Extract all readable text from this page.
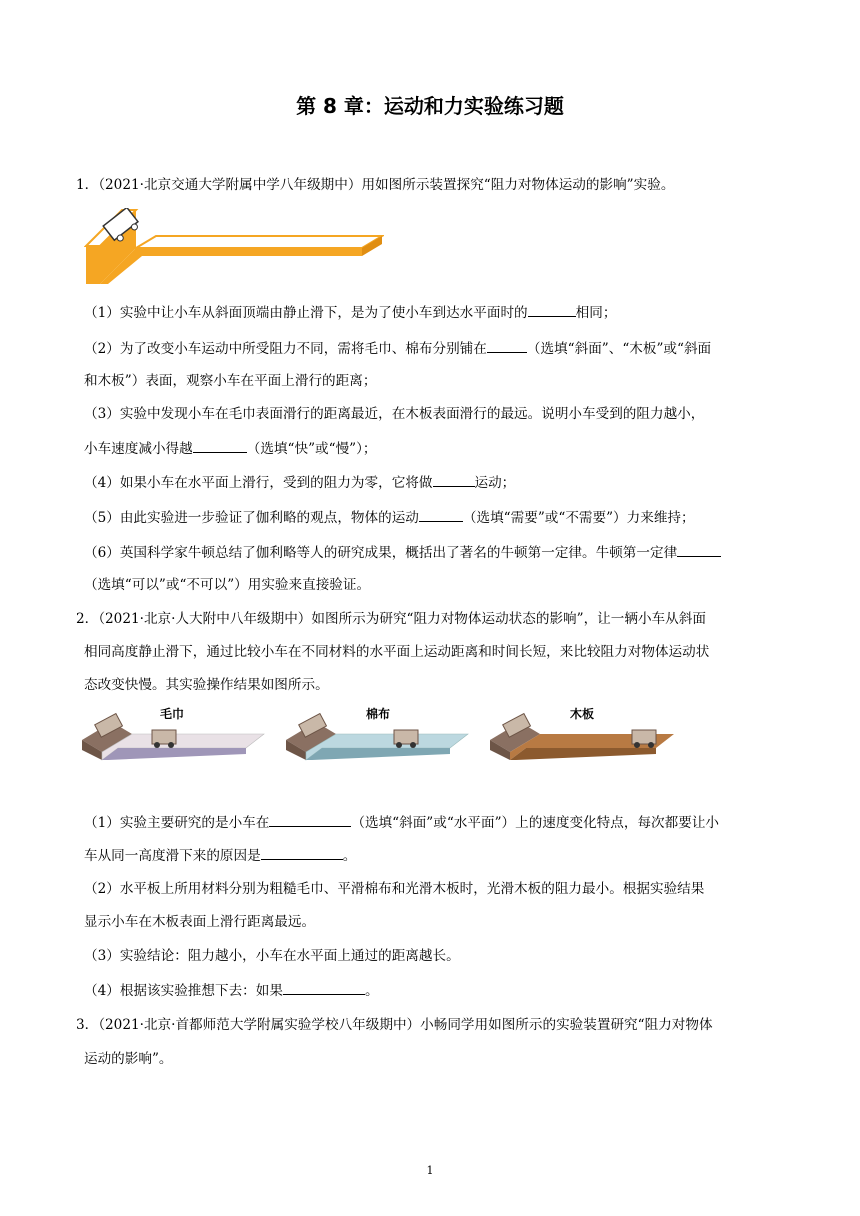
第 8 章：运动和力实验练习题
1．（2021·北京交通大学附属中学八年级期中）用如图所示装置探究“阻力对物体运动的影响”实验。
（1）实验中让小车从斜面顶端由静止滑下，是为了使小车到达水平面时的	相同；
（2）为了改变小车运动中所受阻力不同，需将毛巾、棉布分别铺在	（选填“斜面”、“木板”或“斜面
和木板”）表面，观察小车在平面上滑行的距离；
（3）实验中发现小车在毛巾表面滑行的距离最近，在木板表面滑行的最远。说明小车受到的阻力越小，
小车速度减小得越	（选填“快”或“慢”）；
（4）如果小车在水平面上滑行，受到的阻力为零，它将做	运动；
（5）由此实验进一步验证了伽利略的观点，物体的运动	（选填“需要”或“不需要”）力来维持；
（6）英国科学家牛顿总结了伽利略等人的研究成果，概括出了著名的牛顿第一定律。牛顿第一定律
（选填“可以”或“不可以”）用实验来直接验证。
2．（2021·北京·人大附中八年级期中）如图所示为研究“阻力对物体运动状态的影响”，让一辆小车从斜面
相同高度静止滑下，通过比较小车在不同材料的水平面上运动距离和时间长短，来比较阻力对物体运动状
态改变快慢。其实验操作结果如图所示。
毛巾	棉布	木板
（1）实验主要研究的是小车在	（选填“斜面”或“水平面”）上的速度变化特点，每次都要让小
车从同一高度滑下来的原因是	。
（2）水平板上所用材料分别为粗糙毛巾、平滑棉布和光滑木板时，光滑木板的阻力最小。根据实验结果
显示小车在木板表面上滑行距离最远。
（3）实验结论：阻力越小，小车在水平面上通过的距离越长。
（4）根据该实验推想下去：如果	。
3．（2021·北京·首都师范大学附属实验学校八年级期中）小畅同学用如图所示的实验装置研究“阻力对物体
运动的影响”。
1
